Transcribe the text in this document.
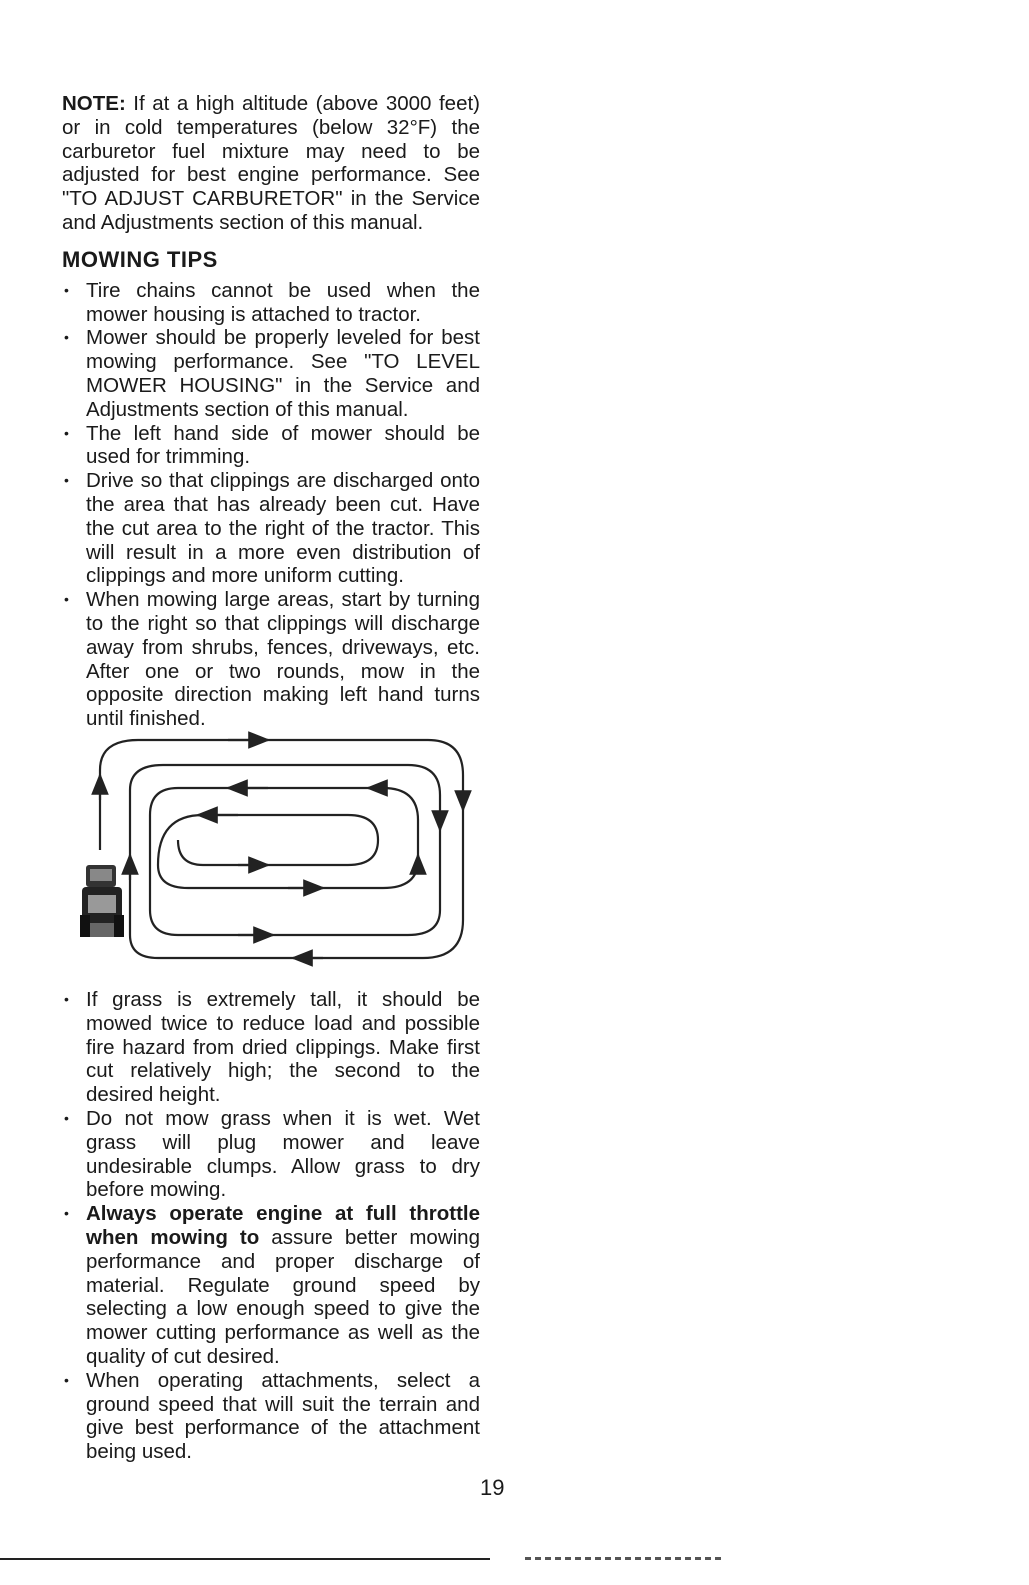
NOTE: If at a high altitude (above 3000 feet) or in cold temperatures (below 32°F) the carburetor fuel mixture may need to be adjusted for best engine performance. See "TO ADJUST CARBURETOR" in the Service and Adjustments section of this manual.

MOWING TIPS
• Tire chains cannot be used when the mower housing is attached to tractor.
• Mower should be properly leveled for best mowing performance. See "TO LEVEL MOWER HOUSING" in the Service and Adjustments section of this manual.
• The left hand side of mower should be used for trimming.
• Drive so that clippings are discharged onto the area that has already been cut. Have the cut area to the right of the tractor. This will result in a more even distribution of clippings and more uniform cutting.
• When mowing large areas, start by turning to the right so that clippings will discharge away from shrubs, fences, driveways, etc. After one or two rounds, mow in the opposite direction making left hand turns until finished.
• If grass is extremely tall, it should be mowed twice to reduce load and possible fire hazard from dried clippings. Make first cut relatively high; the second to the desired height.
• Do not mow grass when it is wet. Wet grass will plug mower and leave undesirable clumps. Allow grass to dry before mowing.
• Always operate engine at full throttle when mowing to assure better mowing performance and proper discharge of material. Regulate ground speed by selecting a low enough speed to give the mower cutting performance as well as the quality of cut desired.
• When operating attachments, select a ground speed that will suit the terrain and give best performance of the attachment being used.
19
